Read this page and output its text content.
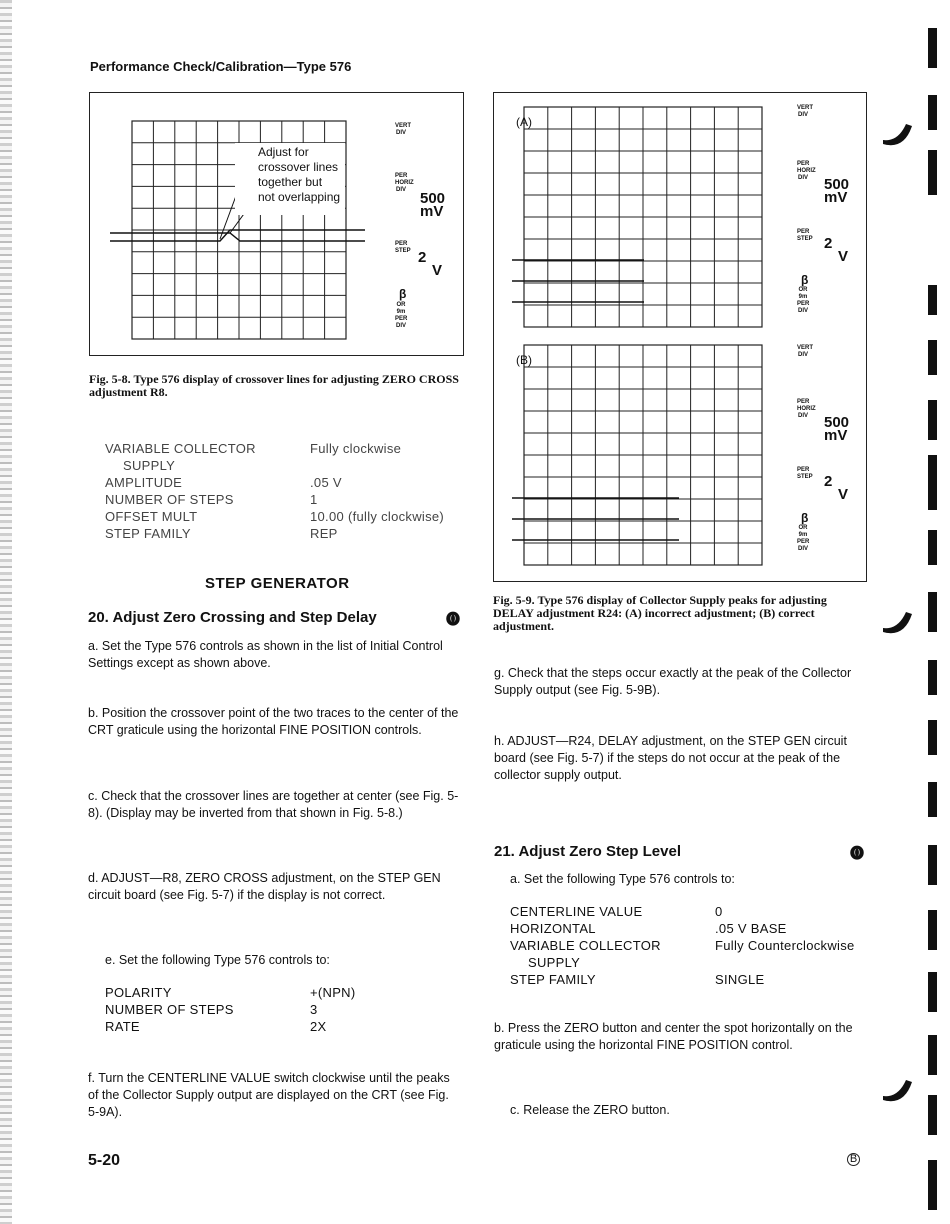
Performance Check/Calibration—Type 576
Adjust for
crossover lines
together but
not overlapping
VERT DIV
PER HORIZ DIV 500
mV
PER STEP 2
V
β
OR 9m PER DIV
Fig. 5-8. Type 576 display of crossover lines for adjusting ZERO CROSS adjustment R8.
(A)
(B)
VERT DIV
PER HORIZ DIV 500
mV
PER STEP 2
V
β
OR 9m PER DIV
VERT DIV
PER HORIZ DIV 500
mV
PER STEP 2
V
β
OR 9m PER DIV
Fig. 5-9. Type 576 display of Collector Supply peaks for adjusting DELAY adjustment R24: (A) incorrect adjustment; (B) correct adjustment.
VARIABLE COLLECTOR	Fully clockwise
SUPPLY
AMPLITUDE	.05 V
NUMBER OF STEPS	1
OFFSET MULT	10.00 (fully clockwise)
STEP FAMILY	REP
STEP GENERATOR
20. Adjust Zero Crossing and Step Delay	⓿
a. Set the Type 576 controls as shown in the list of Initial Control Settings except as shown above.
b. Position the crossover point of the two traces to the center of the CRT graticule using the horizontal FINE POSITION controls.
c. Check that the crossover lines are together at center (see Fig. 5-8). (Display may be inverted from that shown in Fig. 5-8.)
d. ADJUST—R8, ZERO CROSS adjustment, on the STEP GEN circuit board (see Fig. 5-7) if the display is not correct.
e. Set the following Type 576 controls to:
POLARITY	+(NPN)
NUMBER OF STEPS	3
RATE	2X
f. Turn the CENTERLINE VALUE switch clockwise until the peaks of the Collector Supply output are displayed on the CRT (see Fig. 5-9A).
g. Check that the steps occur exactly at the peak of the Collector Supply output (see Fig. 5-9B).
h. ADJUST—R24, DELAY adjustment, on the STEP GEN circuit board (see Fig. 5-7) if the steps do not occur at the peak of the collector supply output.
21. Adjust Zero Step Level	⓿
a. Set the following Type 576 controls to:
CENTERLINE VALUE	0
HORIZONTAL	.05 V BASE
VARIABLE COLLECTOR	Fully Counterclockwise
SUPPLY
STEP FAMILY	SINGLE
b. Press the ZERO button and center the spot horizontally on the graticule using the horizontal FINE POSITION control.
c. Release the ZERO button.
5-20	B
